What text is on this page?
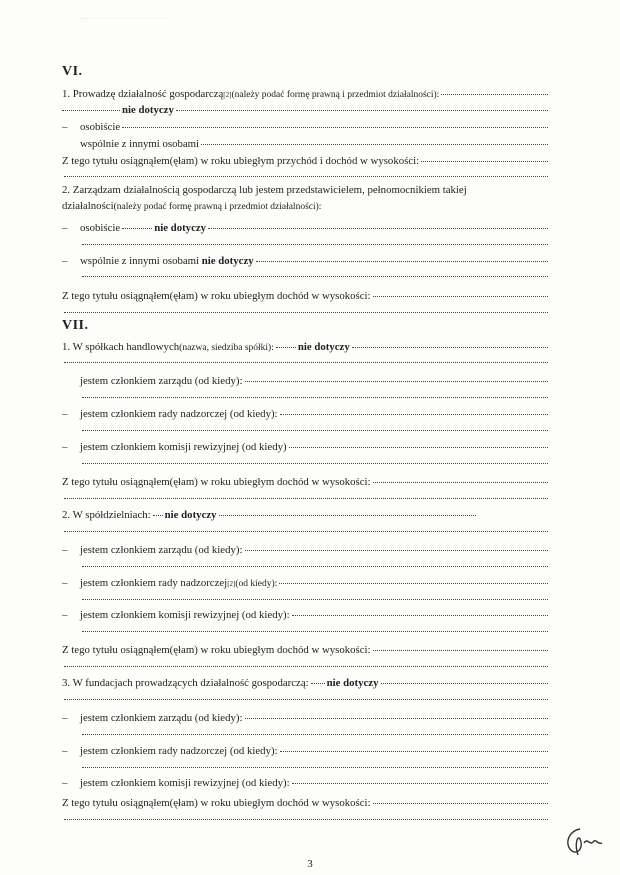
VI.
1. Prowadzę działalność gospodarczą [2] (należy podać formę prawną i przedmiot działalności):
nie dotyczy
–	osobiście
wspólnie z innymi osobami
Z tego tytułu osiągnąłem(ęłam) w roku ubiegłym przychód i dochód w wysokości:
2. Zarządzam działalnością gospodarczą lub jestem przedstawicielem, pełnomocnikiem takiej
działalności (należy podać formę prawną i przedmiot działalności):
–	osobiście	nie dotyczy
–	wspólnie z innymi osobami
nie dotyczy
Z tego tytułu osiągnąłem(ęłam) w roku ubiegłym dochód w wysokości:
VII.
1. W spółkach handlowych (nazwa, siedziba spółki): nie dotyczy
jestem członkiem zarządu (od kiedy):
–	jestem członkiem rady nadzorczej (od kiedy):
–	jestem członkiem komisji rewizyjnej (od kiedy)
Z tego tytułu osiągnąłem(ęłam) w roku ubiegłym dochód w wysokości:
2. W spółdzielniach: nie dotyczy
–	jestem członkiem zarządu (od kiedy):
–	jestem członkiem rady nadzorczej [2] (od kiedy):
–	jestem członkiem komisji rewizyjnej (od kiedy):
Z tego tytułu osiągnąłem(ęłam) w roku ubiegłym dochód w wysokości:
3. W fundacjach prowadzących działalność gospodarczą: nie dotyczy
–	jestem członkiem zarządu (od kiedy):
–	jestem członkiem rady nadzorczej (od kiedy):
–	jestem członkiem komisji rewizyjnej (od kiedy):
Z tego tytułu osiągnąłem(ęłam) w roku ubiegłym dochód w wysokości:
3
